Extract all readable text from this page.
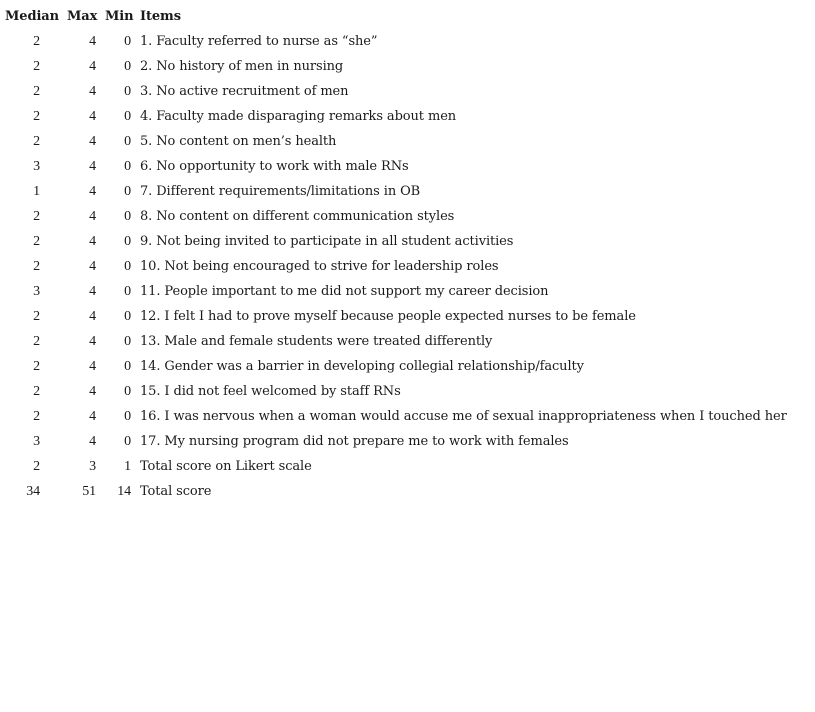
Median	Max	Min	Items
2	4	0	1. Faculty referred to nurse as “she”
2	4	0	2. No history of men in nursing
2	4	0	3. No active recruitment of men
2	4	0	4. Faculty made disparaging remarks about men
2	4	0	5. No content on men’s health
3	4	0	6. No opportunity to work with male RNs
1	4	0	7. Different requirements/limitations in OB
2	4	0	8. No content on different communication styles
2	4	0	9. Not being invited to participate in all student activities
2	4	0	10. Not being encouraged to strive for leadership roles
3	4	0	11. People important to me did not support my career decision
2	4	0	12. I felt I had to prove myself because people expected nurses to be female
2	4	0	13. Male and female students were treated differently
2	4	0	14. Gender was a barrier in developing collegial relationship/faculty
2	4	0	15. I did not feel welcomed by staff RNs
2	4	0	16. I was nervous when a woman would accuse me of sexual inappropriateness when I touched her
3	4	0	17. My nursing program did not prepare me to work with females
2	3	1	Total score on Likert scale
34	51	14	Total score
